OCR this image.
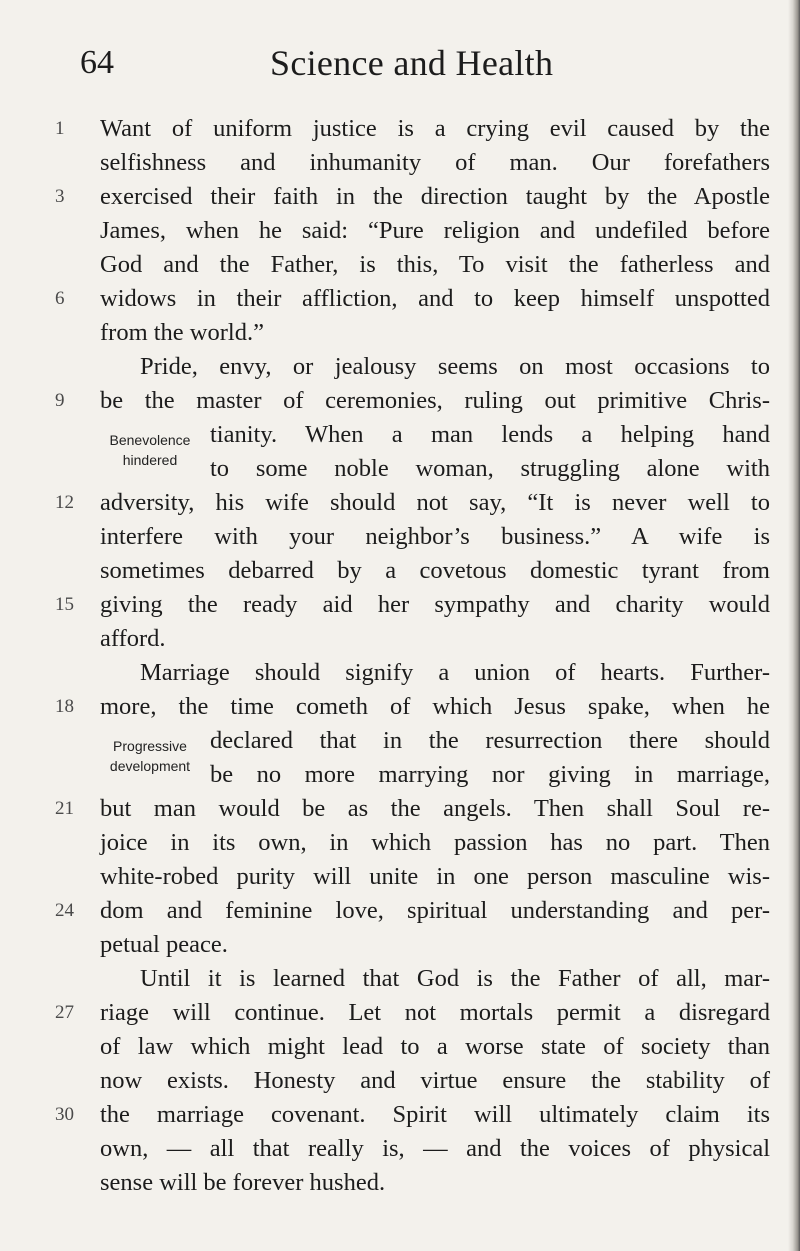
64	Science and Health
1
3
6
9
12
15
18
21
24
27
30
Want of uniform justice is a crying evil caused by the
selfishness and inhumanity of man. Our forefathers
exercised their faith in the direction taught by the Apostle
James, when he said: “Pure religion and undefiled before
God and the Father, is this, To visit the fatherless and
widows in their affliction, and to keep himself unspotted
from the world.”
Pride, envy, or jealousy seems on most occasions to
be the master of ceremonies, ruling out primitive Chris-
tianity. When a man lends a helping hand
to some noble woman, struggling alone with
adversity, his wife should not say, “It is never well to
interfere with your neighbor’s business.” A wife is
sometimes debarred by a covetous domestic tyrant from
giving the ready aid her sympathy and charity would
afford.
Marriage should signify a union of hearts. Further-
more, the time cometh of which Jesus spake, when he
declared that in the resurrection there should
be no more marrying nor giving in marriage,
but man would be as the angels. Then shall Soul re-
joice in its own, in which passion has no part. Then
white-robed purity will unite in one person masculine wis-
dom and feminine love, spiritual understanding and per-
petual peace.
Until it is learned that God is the Father of all, mar-
riage will continue. Let not mortals permit a disregard
of law which might lead to a worse state of society than
now exists. Honesty and virtue ensure the stability of
the marriage covenant. Spirit will ultimately claim its
own, — all that really is, — and the voices of physical
sense will be forever hushed.
Benevolence
hindered
Progressive
development
